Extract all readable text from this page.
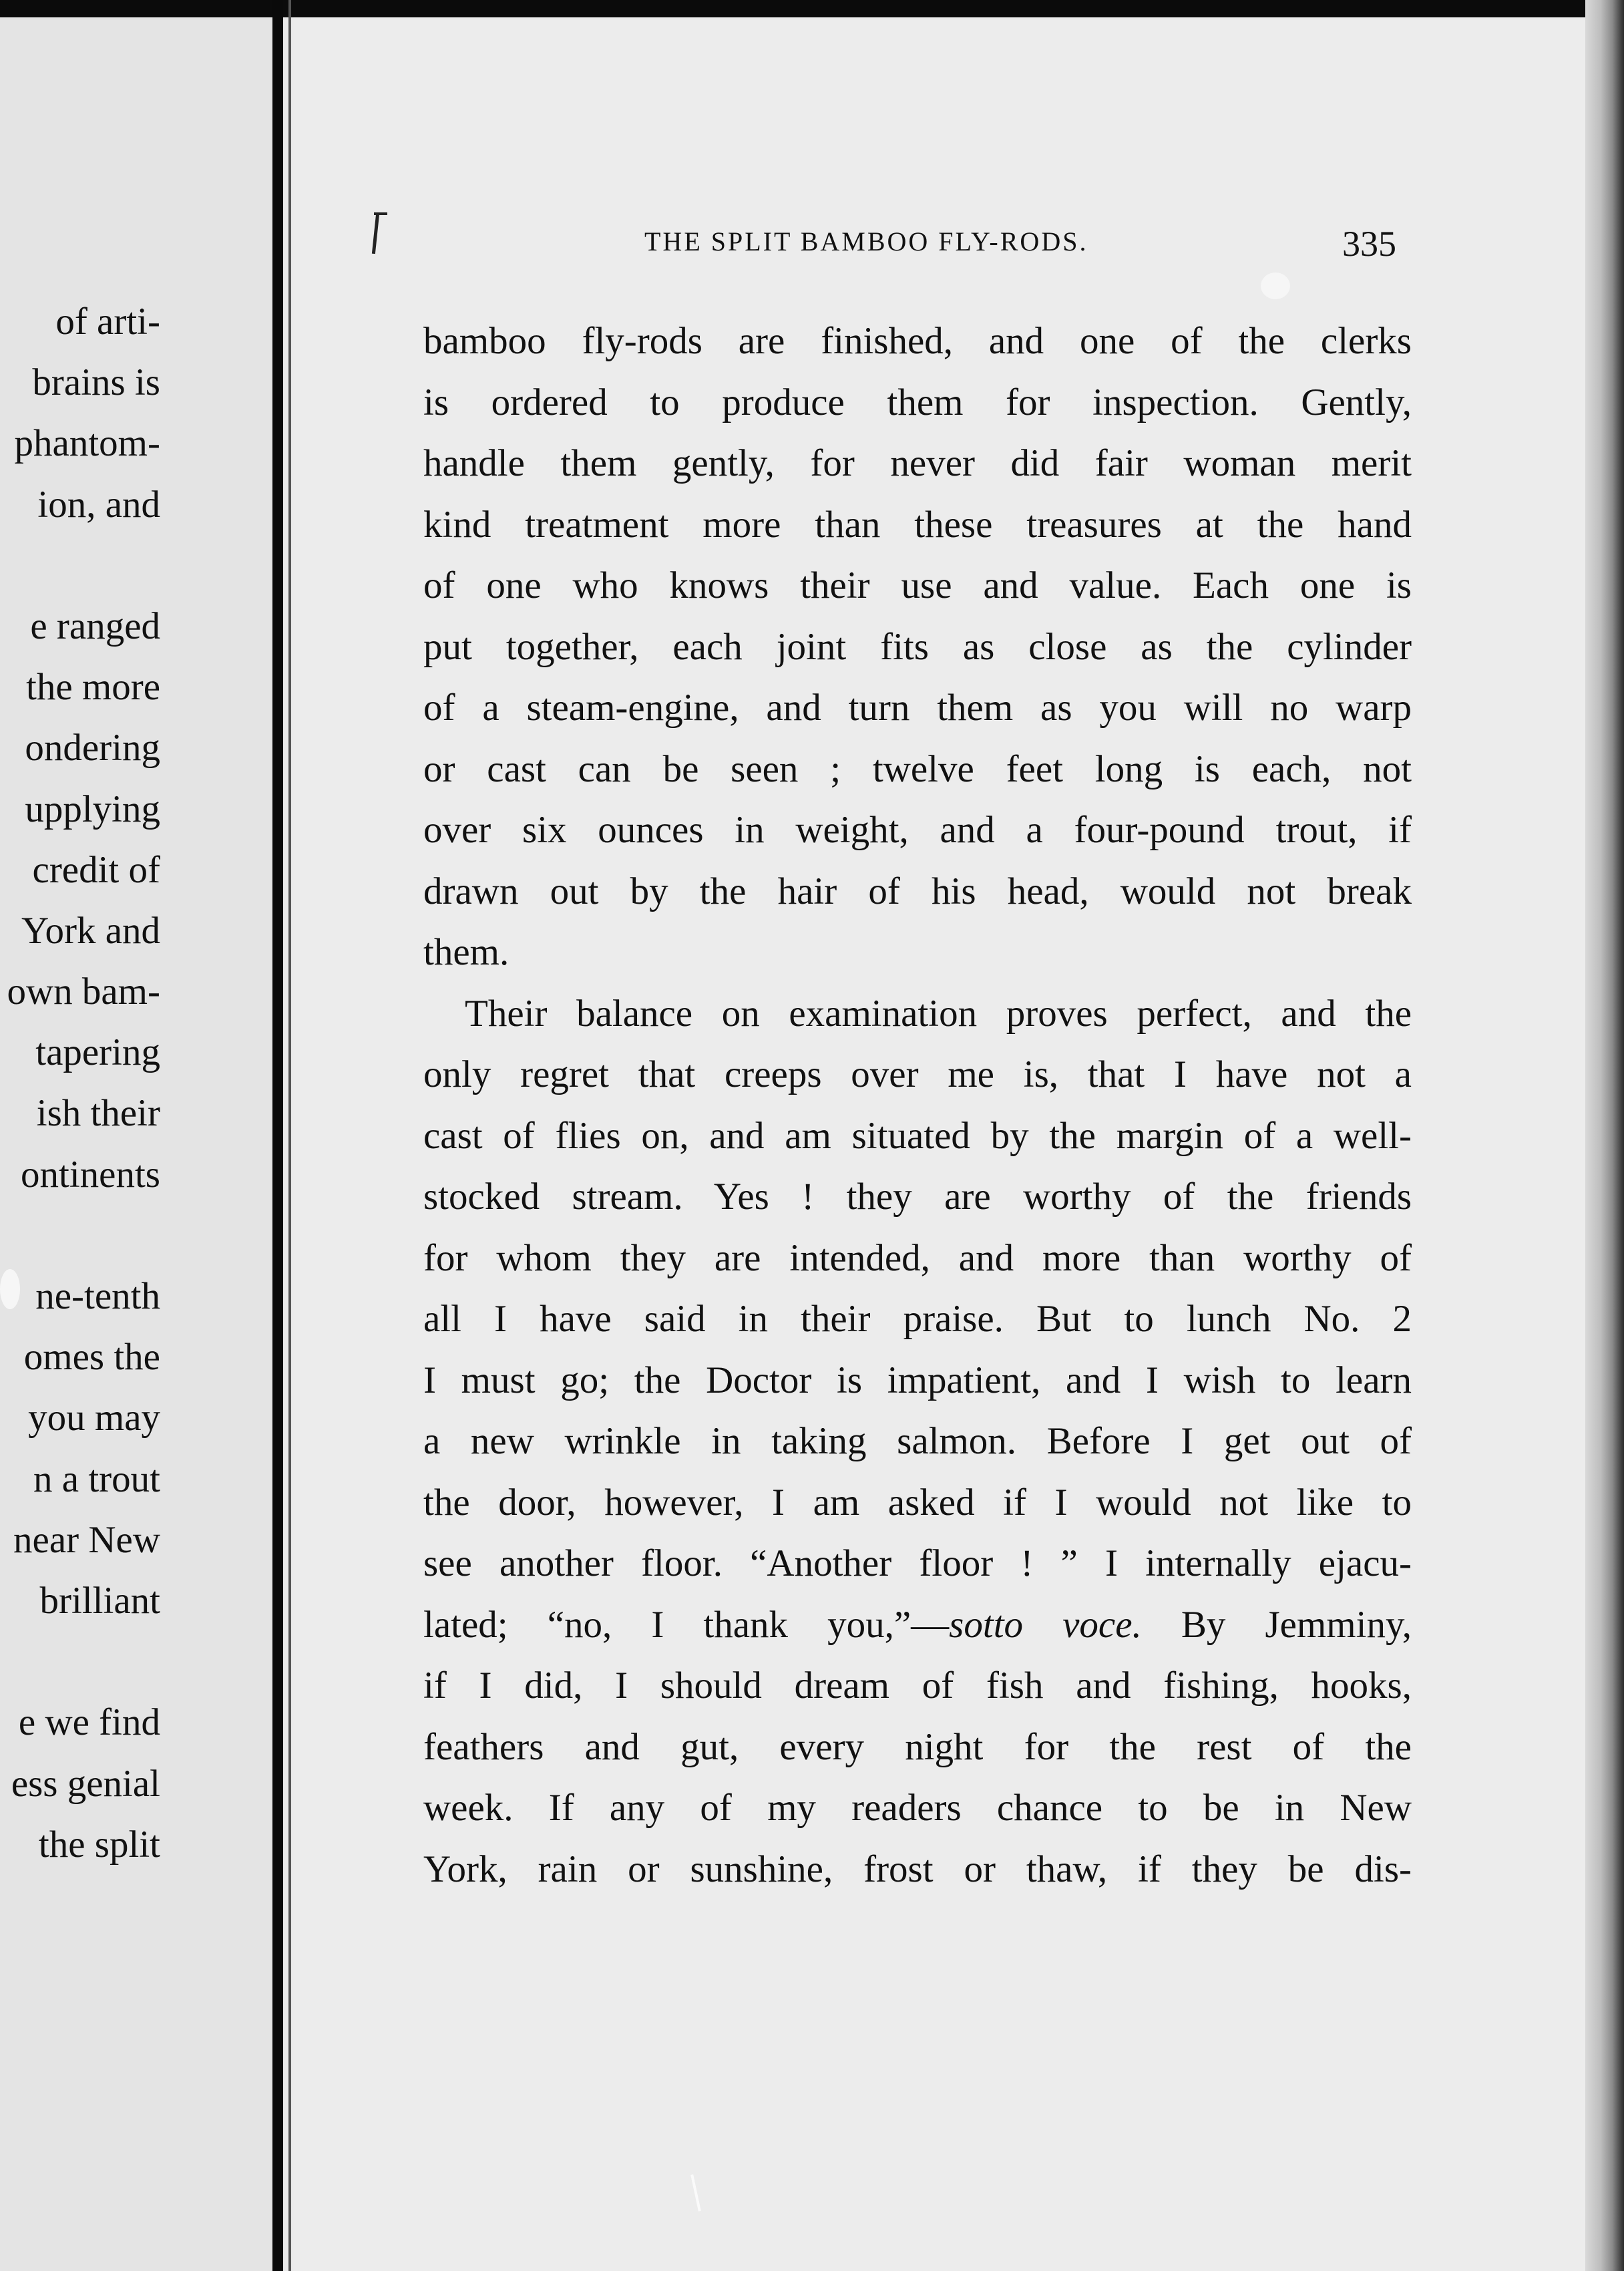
of arti-
brains is
phantom-
ion, and
e ranged
the more
ondering
upplying
credit of
York and
own bam-
tapering
ish their
ontinents
ne-tenth
omes the
you may
n a trout
near New
brilliant
e we find
ess genial
the split
THE SPLIT BAMBOO FLY-RODS.	335
bamboo fly-rods are finished, and one of the clerks
is ordered to produce them for inspection. Gently,
handle them gently, for never did fair woman merit
kind treatment more than these treasures at the hand
of one who knows their use and value. Each one is
put together, each joint fits as close as the cylinder
of a steam-engine, and turn them as you will no warp
or cast can be seen ; twelve feet long is each, not
over six ounces in weight, and a four-pound trout, if
drawn out by the hair of his head, would not break
them.
Their balance on examination proves perfect, and the
only regret that creeps over me is, that I have not a
cast of flies on, and am situated by the margin of a well-
stocked stream. Yes ! they are worthy of the friends
for whom they are intended, and more than worthy of
all I have said in their praise. But to lunch No. 2
I must go; the Doctor is impatient, and I wish to learn
a new wrinkle in taking salmon. Before I get out of
the door, however, I am asked if I would not like to
see another floor. “Another floor ! ” I internally ejacu-
lated; “no, I thank you,”—sotto voce. By Jemminy,
if I did, I should dream of fish and fishing, hooks,
feathers and gut, every night for the rest of the
week. If any of my readers chance to be in New
York, rain or sunshine, frost or thaw, if they be dis-
